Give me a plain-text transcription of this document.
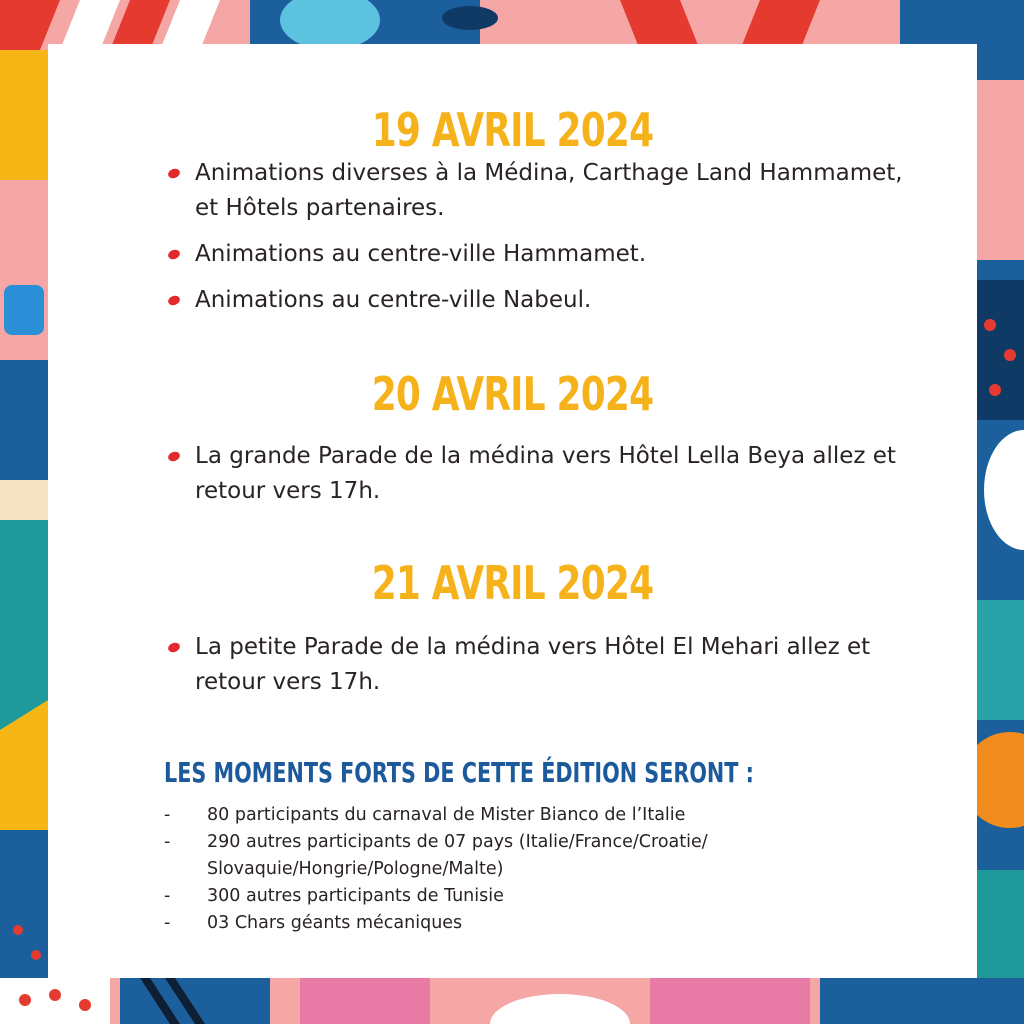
19 AVRIL 2024
Animations diverses à la Médina, Carthage Land Hammamet, et Hôtels partenaires.
Animations au centre-ville Hammamet.
Animations au centre-ville Nabeul.
20 AVRIL 2024
La grande Parade de la médina vers Hôtel Lella Beya allez et retour vers 17h.
21 AVRIL 2024
La petite Parade de la médina vers Hôtel El Mehari allez et retour vers 17h.
LES MOMENTS FORTS DE CETTE ÉDITION SERONT :
- 80 participants du carnaval de Mister Bianco de l’Italie
- 290 autres participants de 07 pays (Italie/France/Croatie/ Slovaquie/Hongrie/Pologne/Malte)
- 300 autres participants de Tunisie
- 03 Chars géants mécaniques
